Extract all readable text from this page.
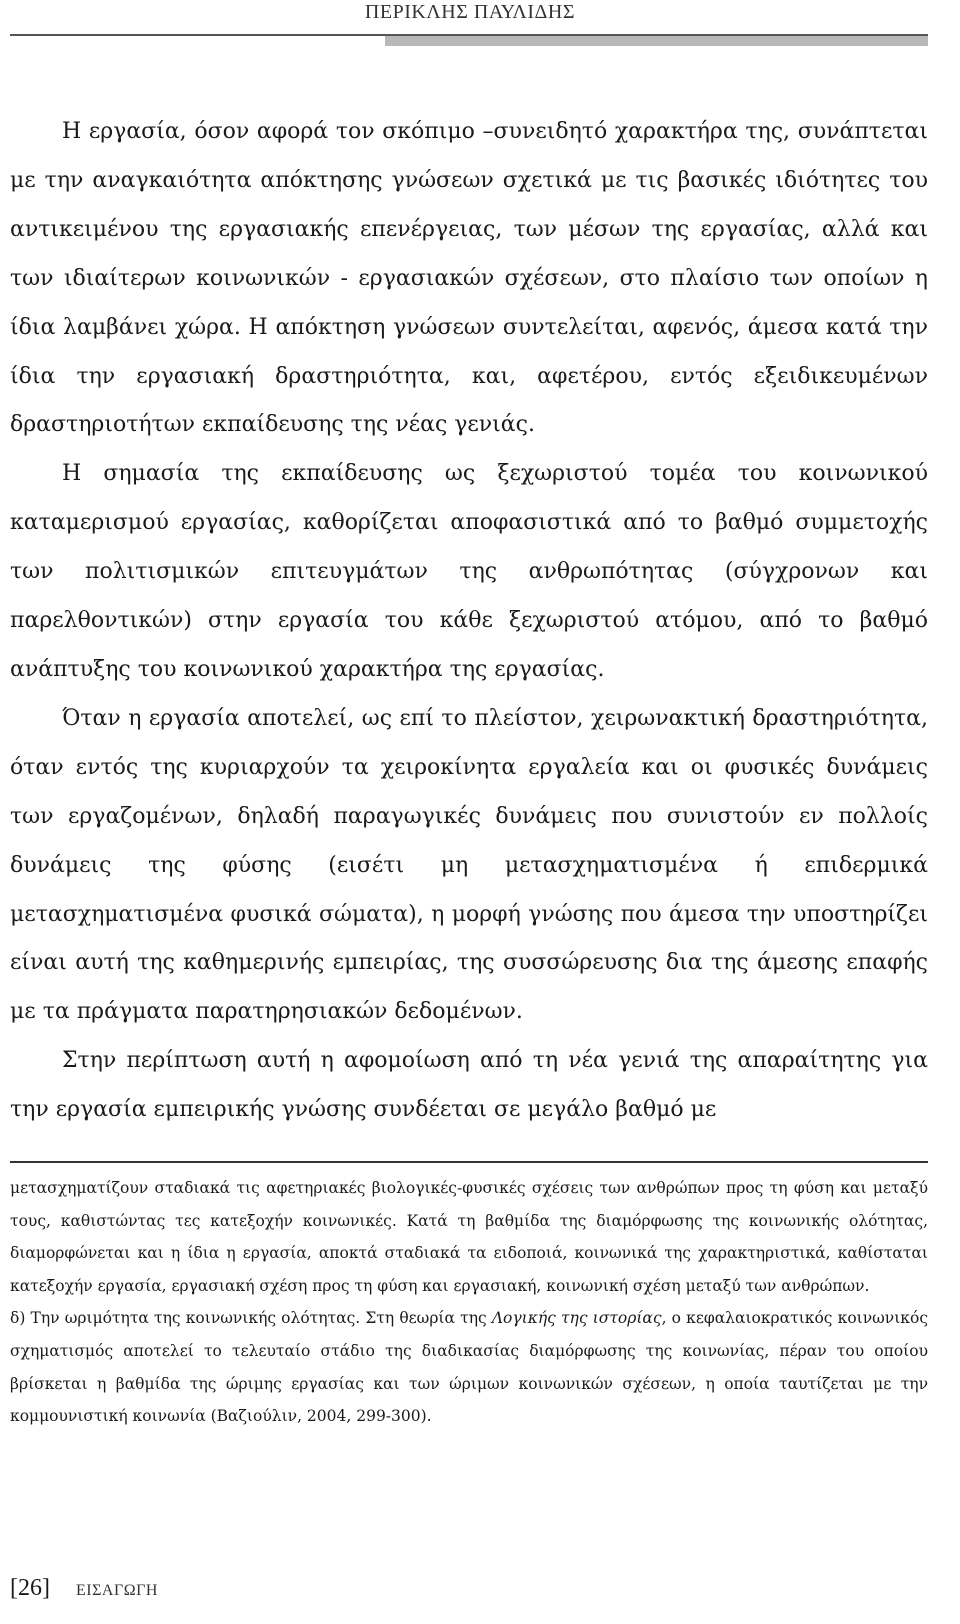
ΠΕΡΙΚΛΗΣ ΠΑΥΛΙΔΗΣ

Η εργασία, όσον αφορά τον σκόπιμο –συνειδητό χαρακτήρα της, συνάπτεται με την αναγκαιότητα απόκτησης γνώσεων σχετικά με τις βασικές ιδιότητες του αντικειμένου της εργασιακής επενέργειας, των μέσων της εργασίας, αλλά και των ιδιαίτερων κοινωνικών - εργασιακών σχέσεων, στο πλαίσιο των οποίων η ίδια λαμβάνει χώρα. Η απόκτηση γνώσεων συντελείται, αφενός, άμεσα κατά την ίδια την εργασιακή δραστηριότητα, και, αφετέρου, εντός εξειδικευμένων δραστηριοτήτων εκπαίδευσης της νέας γενιάς.

Η σημασία της εκπαίδευσης ως ξεχωριστού τομέα του κοινωνικού καταμερισμού εργασίας, καθορίζεται αποφασιστικά από το βαθμό συμμετοχής των πολιτισμικών επιτευγμάτων της ανθρωπότητας (σύγχρονων και παρελθοντικών) στην εργασία του κάθε ξεχωριστού ατόμου, από το βαθμό ανάπτυξης του κοινωνικού χαρακτήρα της εργασίας.

Όταν η εργασία αποτελεί, ως επί το πλείστον, χειρωνακτική δραστηριότητα, όταν εντός της κυριαρχούν τα χειροκίνητα εργαλεία και οι φυσικές δυνάμεις των εργαζομένων, δηλαδή παραγωγικές δυνάμεις που συνιστούν εν πολλοίς δυνάμεις της φύσης (εισέτι μη μετασχηματισμένα ή επιδερμικά μετασχηματισμένα φυσικά σώματα), η μορφή γνώσης που άμεσα την υποστηρίζει είναι αυτή της καθημερινής εμπειρίας, της συσσώρευσης δια της άμεσης επαφής με τα πράγματα παρατηρησιακών δεδομένων.

Στην περίπτωση αυτή η αφομοίωση από τη νέα γενιά της απαραίτητης για την εργασία εμπειρικής γνώσης συνδέεται σε μεγάλο βαθμό με

μετασχηματίζουν σταδιακά τις αφετηριακές βιολογικές-φυσικές σχέσεις των ανθρώπων προς τη φύση και μεταξύ τους, καθιστώντας τες κατεξοχήν κοινωνικές. Κατά τη βαθμίδα της διαμόρφωσης της κοινωνικής ολότητας, διαμορφώνεται και η ίδια η εργασία, αποκτά σταδιακά τα ειδοποιά, κοινωνικά της χαρακτηριστικά, καθίσταται κατεξοχήν εργασία, εργασιακή σχέση προς τη φύση και εργασιακή, κοινωνική σχέση μεταξύ των ανθρώπων.

δ) Την ωριμότητα της κοινωνικής ολότητας. Στη θεωρία της Λογικής της ιστορίας, ο κεφαλαιοκρατικός κοινωνικός σχηματισμός αποτελεί το τελευταίο στάδιο της διαδικασίας διαμόρφωσης της κοινωνίας, πέραν του οποίου βρίσκεται η βαθμίδα της ώριμης εργασίας και των ώριμων κοινωνικών σχέσεων, η οποία ταυτίζεται με την κομμουνιστική κοινωνία (Βαζιούλιν, 2004, 299-300).

[26] ΕΙΣΑΓΩΓΗ
